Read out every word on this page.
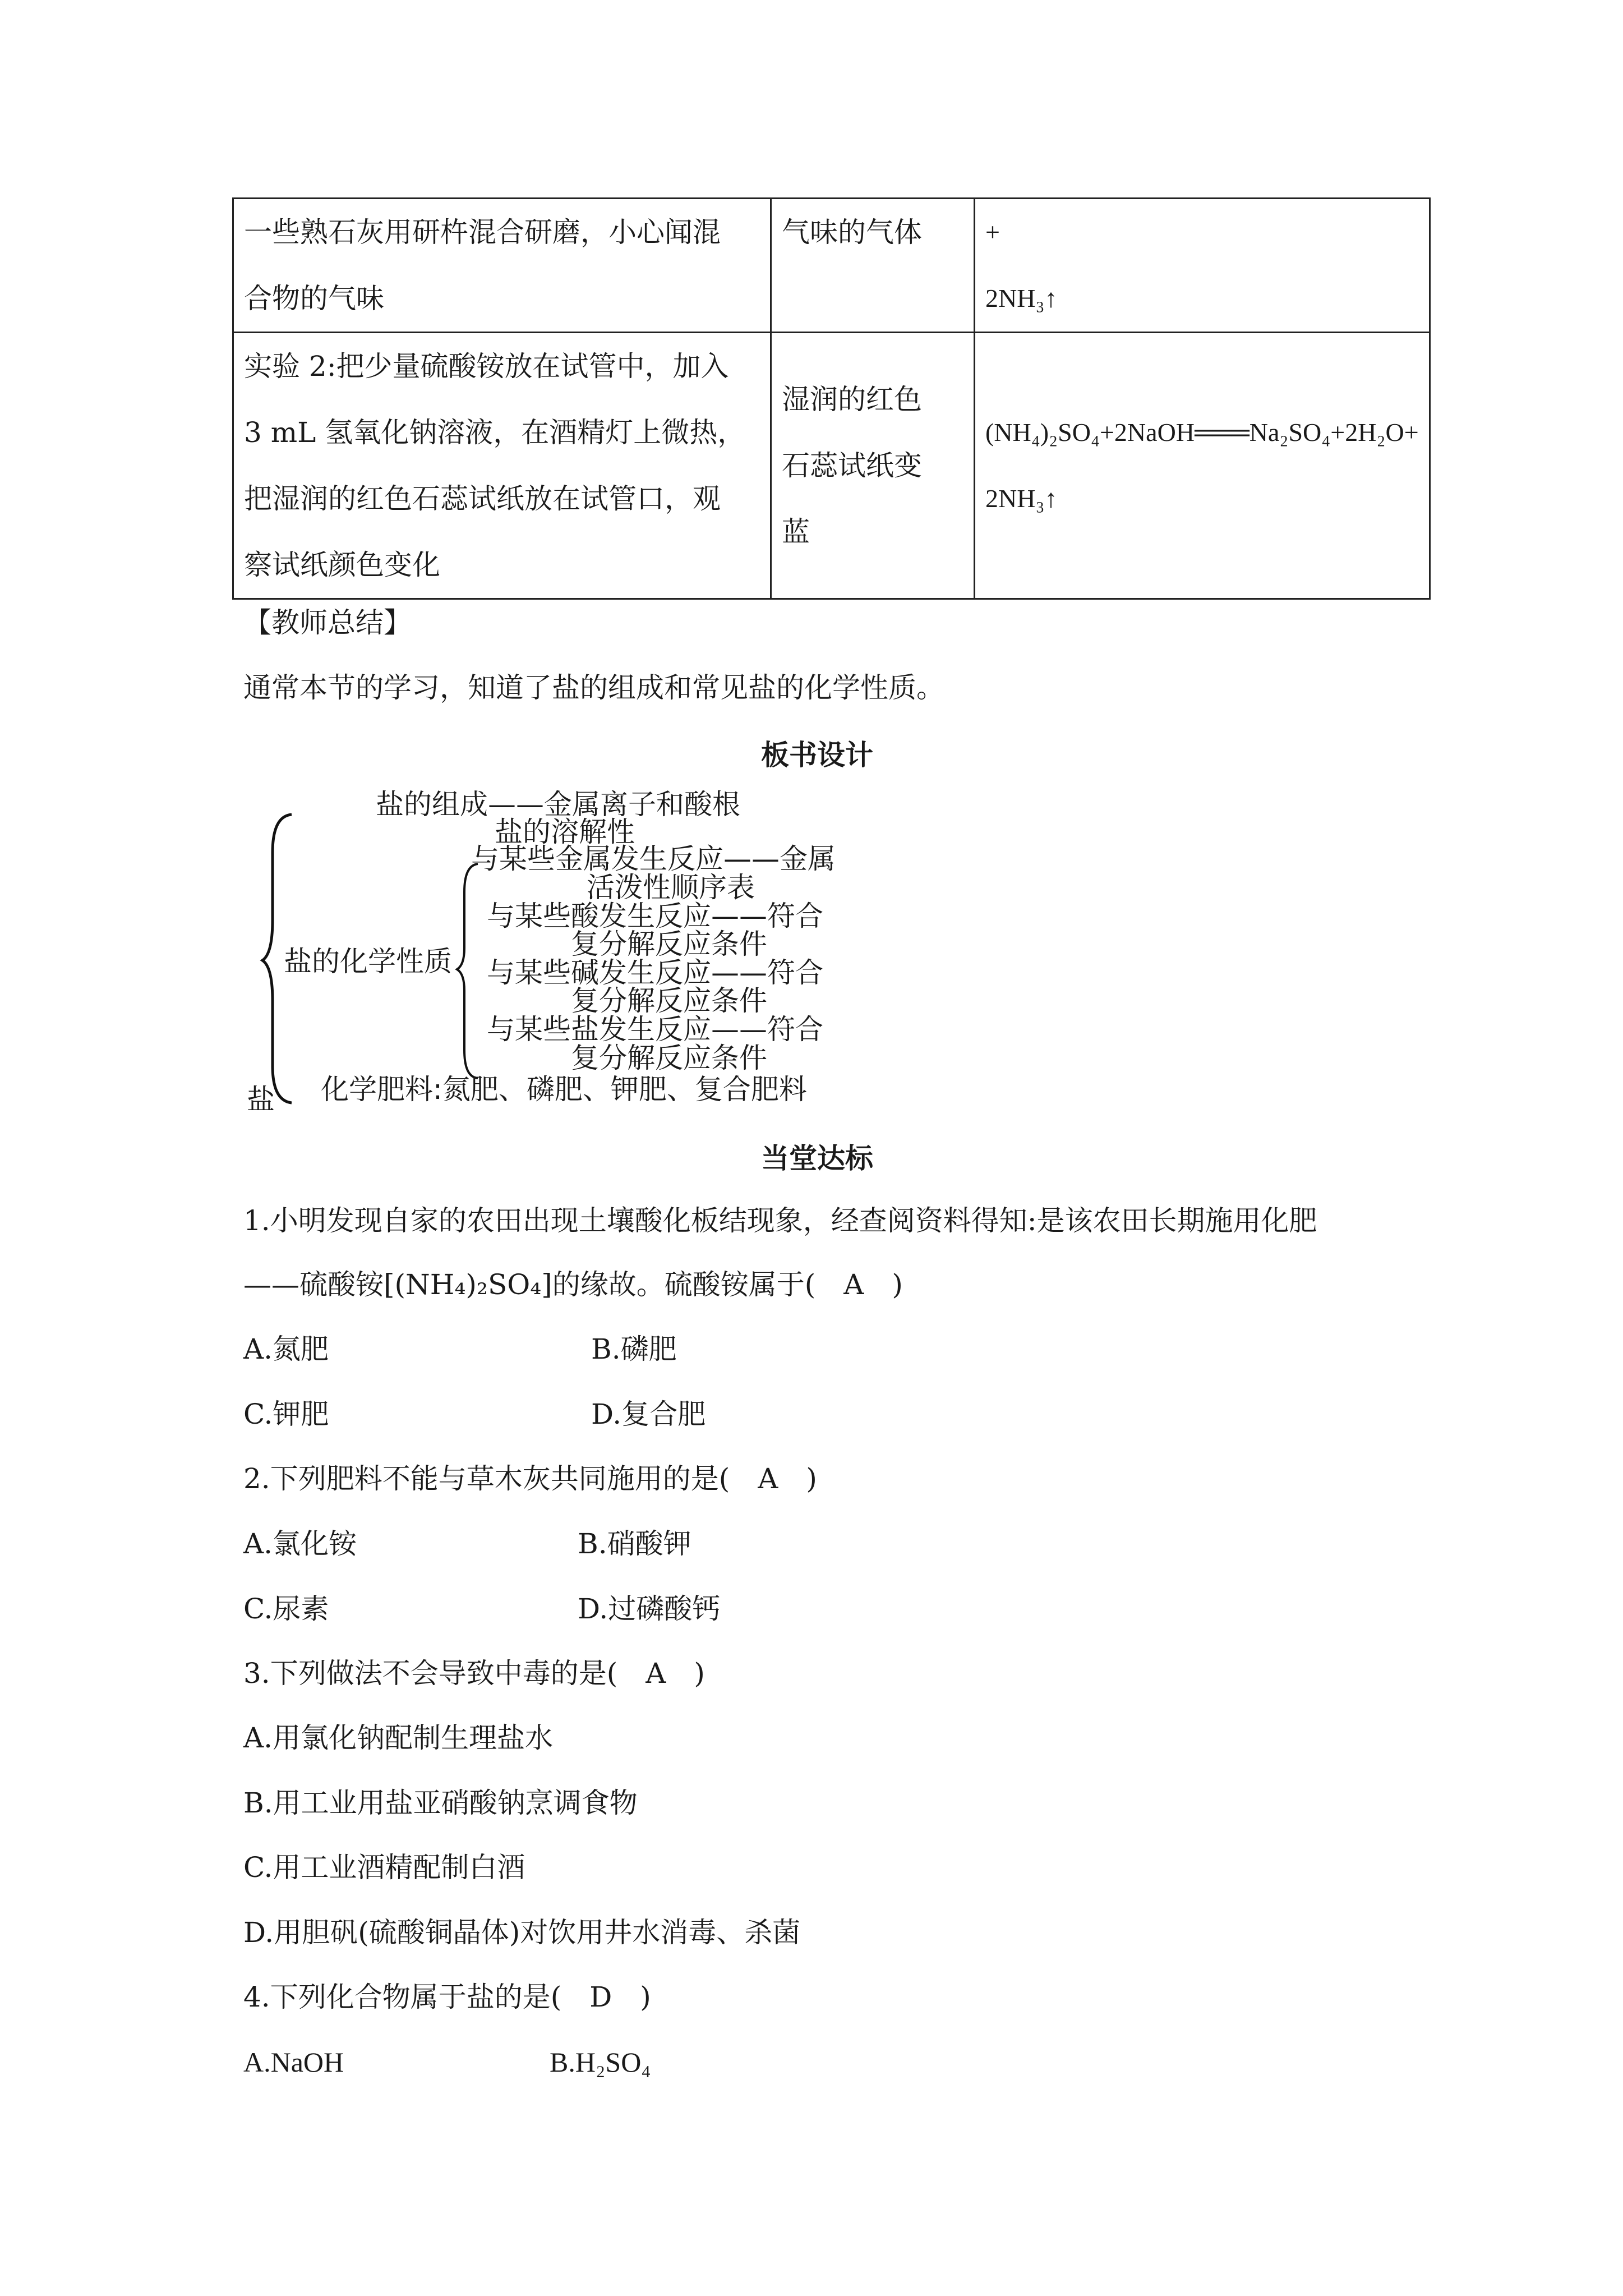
一些熟石灰用研杵混合研磨，小心闻混
合物的气味	气味的气体	+
2NH₃↑

实验 2:把少量硫酸铵放在试管中，加入
3 mL 氢氧化钠溶液，在酒精灯上微热，
把湿润的红色石蕊试纸放在试管口，观
察试纸颜色变化	湿润的红色
石蕊试纸变
蓝	(NH₄)₂SO₄+2NaOH═══Na₂SO₄+2H₂O+
2NH₃↑
【教师总结】
通常本节的学习，知道了盐的组成和常见盐的化学性质。
板书设计
盐的组成——金属离子和酸根
盐的溶解性
与某些金属发生反应——金属
活泼性顺序表
与某些酸发生反应——符合
复分解反应条件
盐的化学性质 与某些碱发生反应——符合
复分解反应条件
与某些盐发生反应——符合
复分解反应条件
化学肥料:氮肥、磷肥、钾肥、复合肥料
盐
当堂达标
1.小明发现自家的农田出现土壤酸化板结现象，经查阅资料得知:是该农田长期施用化肥
——硫酸铵[(NH₄)₂SO₄]的缘故。硫酸铵属于(　A　)
A.氮肥	B.磷肥
C.钾肥	D.复合肥
2.下列肥料不能与草木灰共同施用的是(　A　)
A.氯化铵	B.硝酸钾
C.尿素	D.过磷酸钙
3.下列做法不会导致中毒的是(　A　)
A.用氯化钠配制生理盐水
B.用工业用盐亚硝酸钠烹调食物
C.用工业酒精配制白酒
D.用胆矾(硫酸铜晶体)对饮用井水消毒、杀菌
4.下列化合物属于盐的是(　D　)
A.NaOH	B.H₂SO₄
